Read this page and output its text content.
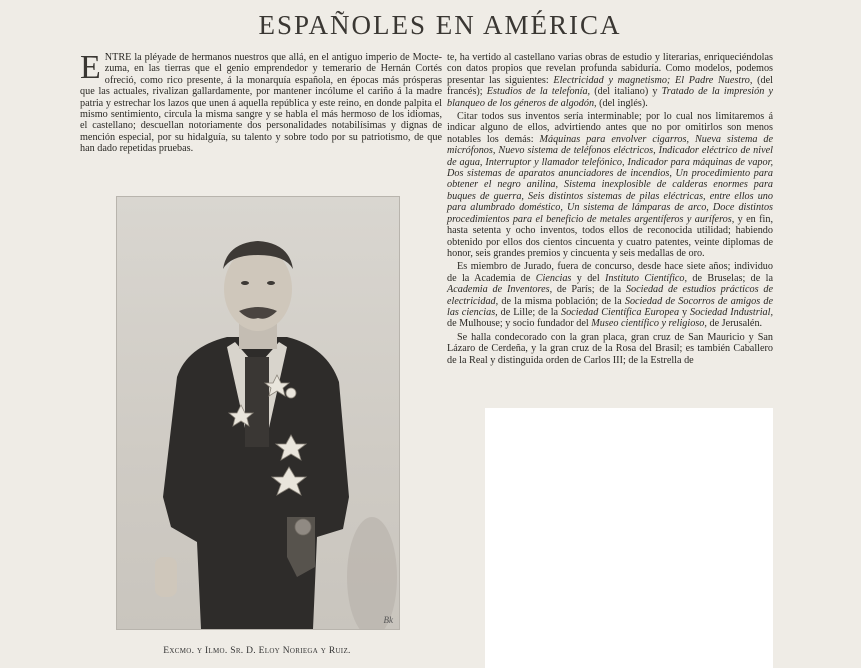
ESPAÑOLES EN AMÉRICA

ENTRE la pléyade de hermanos nuestros que allá, en el antiguo imperio de Mocte-zuma, en las tierras que el genio emprendedor y temerario de Hernán Cortés ofreció, como rico presente, á la monarquía española, en épocas más prósperas que las actuales, rivalizan gallardamente, por mantener incólume el cariño á la madre patria y estrechar los lazos que unen á aquella república y este reino, en donde palpita el mismo sentimiento, circula la misma sangre y se habla el más hermoso de los idiomas, el castellano; descuellan notoriamente dos personalidades notabilísimas y dignas de mención especial, por su hidalguía, su talento y sobre todo por su patriotismo, de que han dado repetidas pruebas.

te, ha vertido al castellano varias obras de estudio y literarias, enriqueciéndolas con datos propios que revelan profunda sabiduría. Como modelos, podemos presentar las siguientes: Electricidad y magnetismo; El Padre Nuestro, (del francés); Estudios de la telefonía, (del italiano) y Tratado de la impresión y blanqueo de los géneros de algodón, (del inglés).

Citar todos sus inventos sería interminable; por lo cual nos limitaremos á indicar alguno de ellos, advirtiendo antes que no por omitirlos son menos notables los demás: Máquinas para envolver cigarros, Nueva sistema de micrófonos, Nuevo sistema de teléfonos eléctricos, Indicador eléctrico de nivel de agua, Interruptor y llamador telefónico, Indicador para máquinas de vapor, Dos sistemas de aparatos anunciadores de incendios, Un procedimiento para obtener el negro anilina, Sistema inexplosible de calderas enormes para buques de guerra, Seis distintos sistemas de pilas eléctricas, entre ellos uno para alumbrado doméstico, Un sistema de lámparas de arco, Doce distintos procedimientos para el beneficio de metales argentíferos y auríferos, y en fin, hasta setenta y ocho inventos, todos ellos de reconocida utilidad; habiendo obtenido por ellos dos cientos cincuenta y cuatro patentes, veinte diplomas de honor, seis grandes premios y cincuenta y seis medallas de oro.

Es miembro de Jurado, fuera de concurso, desde hace siete años; individuo de la Academia de Ciencias y del Instituto Científico, de Bruselas; de la Academia de Inventores, de París; de la Sociedad de estudios prácticos de electricidad, de la misma población; de la Sociedad de Socorros de amigos de las ciencias, de Lille; de la Sociedad Científica Europea y Sociedad Industrial, de Mulhouse; y socio fundador del Museo científico y religioso, de Jerusalén.

Se halla condecorado con la gran placa, gran cruz de San Mauricio y San Lázaro de Cerdeña, y la gran cruz de la Rosa del Brasil; es también Caballero de la Real y distinguida orden de Carlos III; de la Estrella de

Bk
Excmo. y Ilmo. Sr. D. Eloy Noriega y Ruiz.
